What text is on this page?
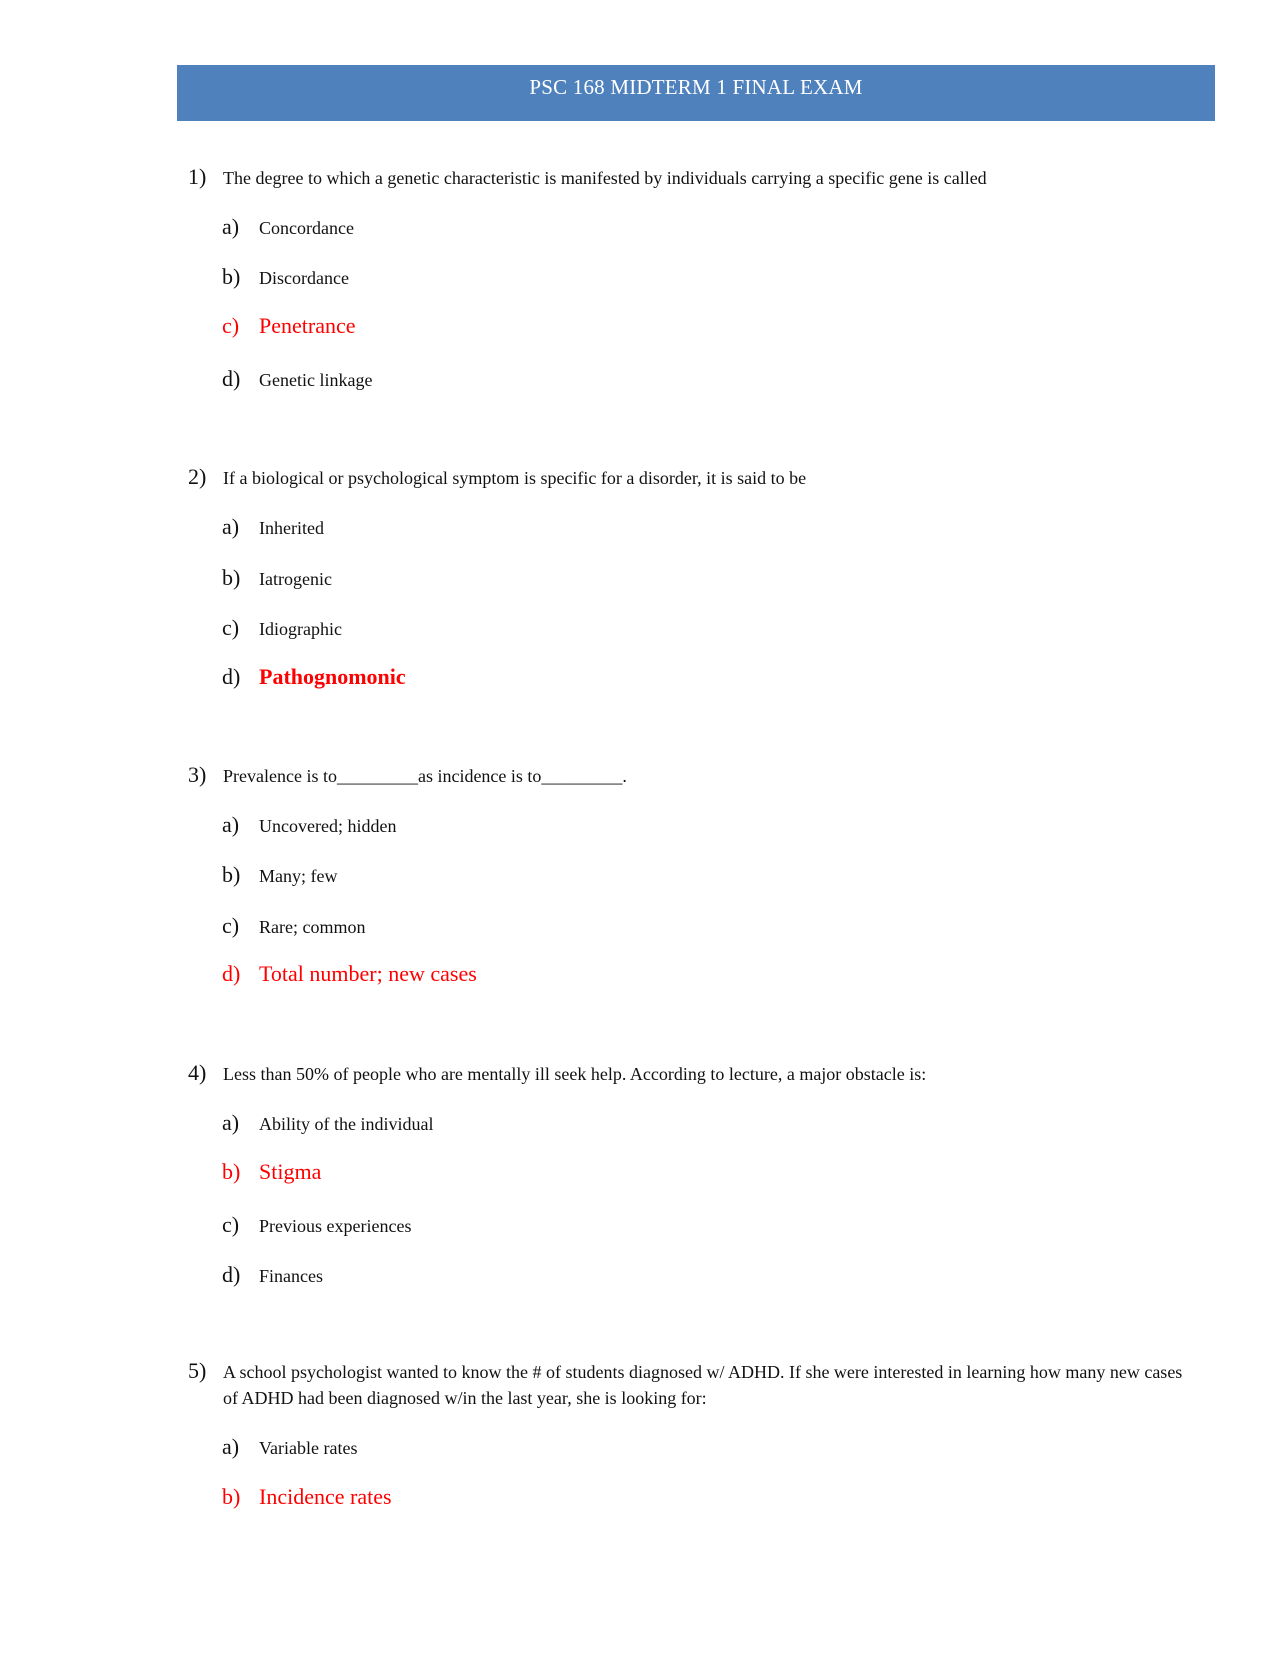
PSC 168 MIDTERM 1 FINAL EXAM
1) The degree to which a genetic characteristic is manifested by individuals carrying a specific gene is called
a)	Concordance
b)	Discordance
c) Penetrance
d)	Genetic linkage
2) If a biological or psychological symptom is specific for a disorder, it is said to be
a)	Inherited
b)	Iatrogenic
c)	Idiographic
d) Pathognomonic
3) Prevalence is to_________as incidence is to_________.
a)	Uncovered; hidden
b)	Many; few
c)	Rare; common
d) Total number; new cases
4) Less than 50% of people who are mentally ill seek help. According to lecture, a major obstacle is:
a)	Ability of the individual
b) Stigma
c)	Previous experiences
d)	Finances
5) A school psychologist wanted to know the # of students diagnosed w/ ADHD. If she were interested in learning how many new cases of ADHD had been diagnosed w/in the last year, she is looking for:
a)	Variable rates
b) Incidence rates
